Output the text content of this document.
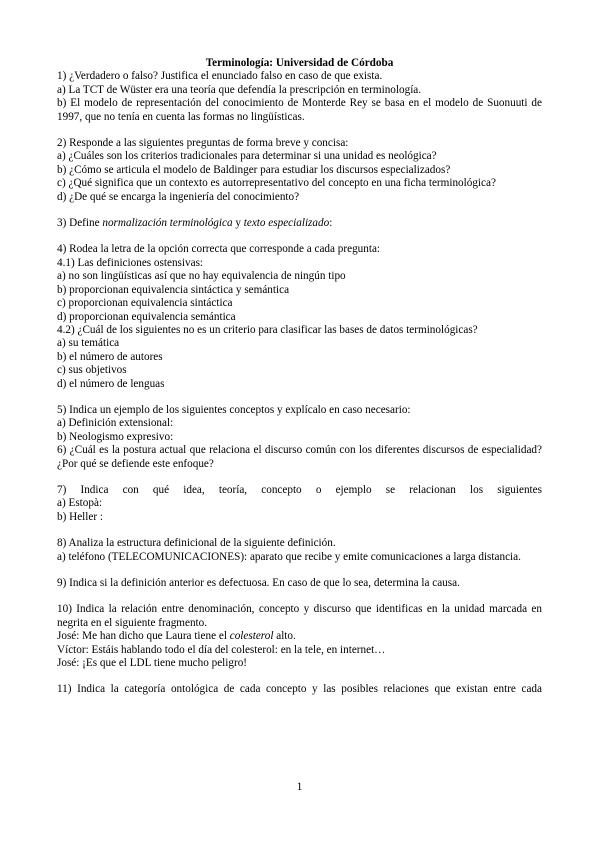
Terminología: Universidad de Córdoba

1) ¿Verdadero o falso? Justifica el enunciado falso en caso de que exista.

a) La TCT de Wüster era una teoría que defendía la prescripción en terminología.

b) El modelo de representación del conocimiento de Monterde Rey se basa en el modelo de Suonuuti de 1997, que no tenía en cuenta las formas no lingüísticas.

2) Responde a las siguientes preguntas de forma breve y concisa:

a) ¿Cuáles son los criterios tradicionales para determinar si una unidad es neológica?

b) ¿Cómo se articula el modelo de Baldinger para estudiar los discursos especializados?

c) ¿Qué significa que un contexto es autorrepresentativo del concepto en una ficha terminológica?

d) ¿De qué se encarga la ingeniería del conocimiento?

3) Define normalización terminológica y texto especializado:

4) Rodea la letra de la opción correcta que corresponde a cada pregunta:

4.1) Las definiciones ostensivas:

a) no son lingüísticas así que no hay equivalencia de ningún tipo

b) proporcionan equivalencia sintáctica y semántica

c) proporcionan equivalencia sintáctica

d) proporcionan equivalencia semántica

4.2) ¿Cuál de los siguientes no es un criterio para clasificar las bases de datos terminológicas?

a) su temática

b) el número de autores

c) sus objetivos

d) el número de lenguas

5) Indica un ejemplo de los siguientes conceptos y explícalo en caso necesario:

a) Definición extensional:

b) Neologismo expresivo:

6) ¿Cuál es la postura actual que relaciona el discurso común con los diferentes discursos de especialidad? ¿Por qué se defiende este enfoque?

7) Indica con qué idea, teoría, concepto o ejemplo se relacionan los siguientes

a) Estopà:

b) Heller :

8) Analiza la estructura definicional de la siguiente definición.

a) teléfono (TELECOMUNICACIONES): aparato que recibe y emite comunicaciones a larga distancia.

9) Indica si la definición anterior es defectuosa. En caso de que lo sea, determina la causa.

10) Indica la relación entre denominación, concepto y discurso que identificas en la unidad marcada en negrita en el siguiente fragmento.

José: Me han dicho que Laura tiene el colesterol alto.

Víctor: Estáis hablando todo el día del colesterol: en la tele, en internet…

José: ¡Es que el LDL tiene mucho peligro!

11) Indica la categoría ontológica de cada concepto y las posibles relaciones que existan entre cada

1
